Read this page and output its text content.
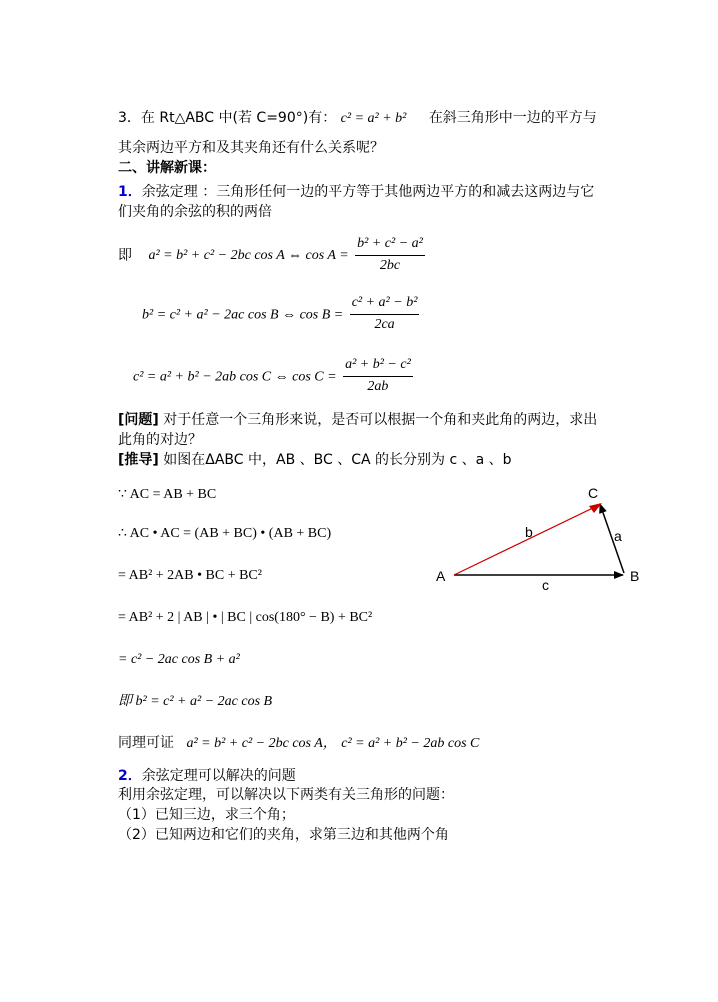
3．在 Rt△ABC 中(若 C=90°)有： c² = a² + b² 在斜三角形中一边的平方与
其余两边平方和及其夹角还有什么关系呢？
二、讲解新课：
1．余弦定理 ：三角形任何一边的平方等于其他两边平方的和减去这两边与它
们夹角的余弦的积的两倍
即 a² = b² + c² − 2bc cos A ⇔ $\cos A = \frac{\text{b² + c² − a²}}{2bc}$
b² = c² + a² − 2ac cos B ⇔ $\cos B = \frac{\text{c² + a² − b²}}{2ca}$
c² = a² + b² − 2ab cos C ⇔ $\cos C = \frac{\text{a² + b² − c²}}{2ab}$
[问题] 对于任意一个三角形来说，是否可以根据一个角和夹此角的两边，求出
此角的对边？
[推导] 如图在ΔABC 中，AB 、BC 、CA 的长分别为 c 、a 、b
∵ AC = AB + BC
∴ AC • AC = (AB + BC) • (AB + BC)
= AB² + 2AB • BC + BC²
= AB² + 2 | AB | • | BC | cos(180° − B) + BC²
= c² − 2ac cos B + a²
即 b² = c² + a² − 2ac cos B
同理可证 a² = b² + c² − 2bc cos A， c² = a² + b² − 2ab cos C
A	B
C
b	a
c
2．余弦定理可以解决的问题
利用余弦定理，可以解决以下两类有关三角形的问题：
（1）已知三边，求三个角；
（2）已知两边和它们的夹角，求第三边和其他两个角
